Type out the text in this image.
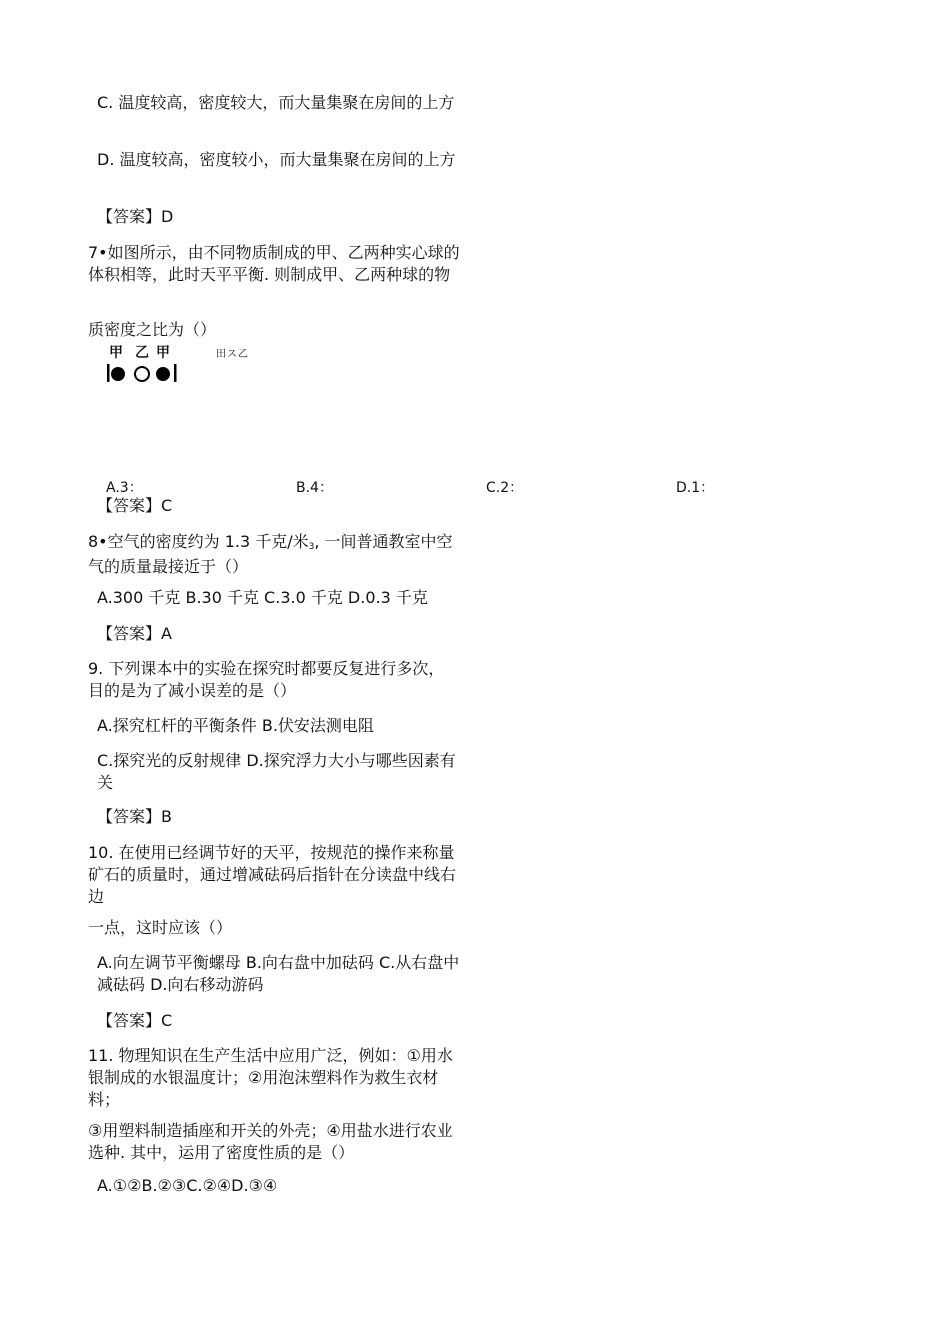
C. 温度较高，密度较大，而大量集聚在房间的上方

D. 温度较高，密度较小，而大量集聚在房间的上方

【答案】D

7•如图所示，由不同物质制成的甲、乙两种实心球的体积相等，此时天平平衡. 则制成甲、乙两种球的物

质密度之比为（）

甲 乙 甲	田ス乙
A.3：	B.4：	C.2：	D.1：

【答案】C

8•空气的密度约为 1.3 千克/米$_3$, 一间普通教室中空气的质量最接近于（）

A.300 千克 B.30 千克 C.3.0 千克 D.0.3 千克

【答案】A

9. 下列课本中的实验在探究时都要反复进行多次，目的是为了减小误差的是（）

A.探究杠杆的平衡条件 B.伏安法测电阻

C.探究光的反射规律 D.探究浮力大小与哪些因素有关

【答案】B

10. 在使用已经调节好的天平，按规范的操作来称量矿石的质量时，通过增减砝码后指针在分读盘中线右边

一点，这时应该（）

A.向左调节平衡螺母 B.向右盘中加砝码 C.从右盘中减砝码 D.向右移动游码

【答案】C

11. 物理知识在生产生活中应用广泛，例如：①用水银制成的水银温度计；②用泡沫塑料作为救生衣材料；

③用塑料制造插座和开关的外壳；④用盐水进行农业选种. 其中，运用了密度性质的是（）

A.①②B.②③C.②④D.③④
